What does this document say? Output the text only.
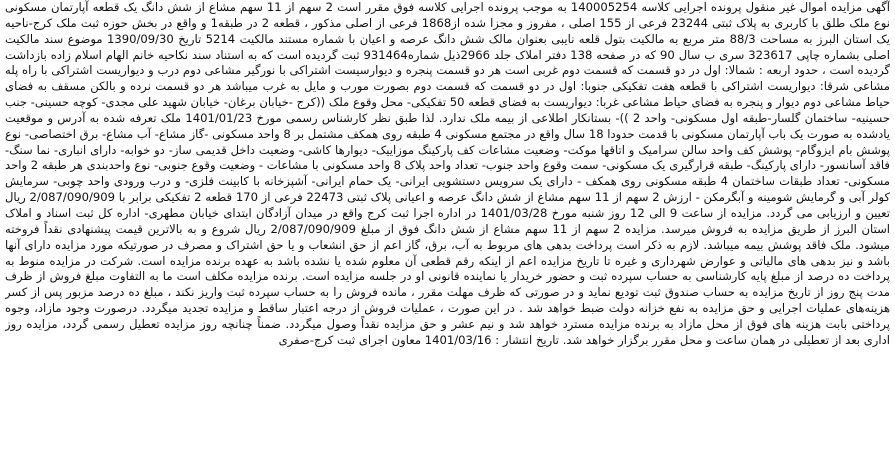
آگهی مزایده اموال غیر منقول پرونده اجرایی کلاسه 140005254 به موجب پرونده اجرایی کلاسه فوق مقرر است 2 سهم از 11 سهم مشاع از شش دانگ یک قطعه آپارتمان مسکونی نوع ملک طلق با کاربری به پلاک ثبتی 23244 فرعی از 155 اصلی ، مفروز و مجزا شده از1868 فرعی از اصلی مذکور ، قطعه 2 در طبقه1 و واقع در بخش حوزه ثبت ملک کرج-ناحیه یک استان البرز به مساحت 88/3 متر مربع به مالکیت بتول قلعه نایبی بعنوان مالک شش دانگ عرصه و اعیان با شماره مستند مالکیت 5214 تاریخ 1390/09/30 موضوع سند مالکیت اصلی بشماره چاپی 323617 سری ب سال 90 که در صفحه 138 دفتر املاک جلد 2966ذیل شماره931464 ثبت گردیده است که به استناد سند نکاحیه خانم الهام اسلام زاده بازداشت گردیده است ، حدود اربعه : شمالا: اول در دو قسمت که قسمت دوم غربی است هر دو قسمت پنجره و دیوارسیست اشتراکی با نورگیر مشاعی دوم درب و دیواریست اشتراکی با راه پله مشاعی شرقا: دیواریست اشتراکی با قطعه هفت تفکیکی جنوبا: اول در دو قسمت که قسمت دوم بصورت مورب و مایل به غرب میباشد هر دو قسمت نرده و بالکن مسقف به فضای حیاط مشاعی دوم دیوار و پنجره به فضای حیاط مشاعی غربا: دیواریست به فضای قطعه 50 تفکیکی- محل وقوع ملک ((کرج -خیابان برغان- خیابان شهید علی مجدی- کوچه حسینی- جنب حسینیه- ساختمان گلسار-طبقه اول مسکونی- واحد 2 ))- بستانکار اطلاعی از بیمه ملک ندارد. لذا طبق نظر کارشناس رسمی مورخ 1401/01/23 ملک تعرفه شده به آدرس و موقعیت یادشده به صورت یک باب آپارتمان مسکونی با قدمت حدودا 18 سال واقع در مجتمع مسکونی 4 طبقه روی همکف مشتمل بر 8 واحد مسکونی -گاز مشاع- آب مشاع- برق اختصاصی- نوع پوشش بام ایزوگام- پوشش کف واحد سالن سرامیک و اتاقها موکت- وضعیت مشاعات کف پارکینگ موزاییک- دیوارها کاشی- وضعیت داخل قدیمی ساز- دو خوابه- دارای انباری- نما سنگ- فاقد آسانسور- دارای پارکینگ- طبقه قرارگیری یک مسکونی- سمت وقوع واحد جنوب- تعداد واحد پلاک 8 واحد مسکونی با مشاعات - وضعیت وقوع جنوبی- نوع واحدبندی هر طبقه 2 واحد مسکونی- تعداد طبقات ساختمان 4 طبقه مسکونی روی همکف - دارای یک سرویس دستشویی ایرانی- یک حمام ایرانی- آشپزخانه با کابینت فلزی- و درب ورودی واحد چوبی- سرمایش کولر آبی و گرمایش شومینه و آبگرمکن - ارزش 2 سهم از 11 سهم مشاع از شش دانگ عرصه و اعیانی پلاک ثبتی 22473 فرعی از 170 قطعه 2 تفکیکی برابر با 2/087/090/909 ریال تعیین و ارزیابی می گردد. مزایده از ساعت 9 الی 12 روز شنبه مورخ 1401/03/28 در اداره اجرا ثبت کرج واقع در میدان آزادگان ابتدای خیابان مطهری- اداره کل ثبت اسناد و املاک استان البرز از طریق مزایده به فروش میرسد. مزایده 2 سهم از 11 سهم مشاع از شش دانگ فوق از مبلغ 2/087/090/909 ریال شروع و به بالاترین قیمت پیشنهادی نقداً فروخته میشود. ملک فاقد پوشش بیمه میباشد. لازم به ذکر است پرداخت بدهی های مربوط به آب، برق، گاز اعم از حق انشعاب و یا حق اشتراک و مصرف در صورتیکه مورد مزایده دارای آنها باشد و نیز بدهی های مالیاتی و عوارض شهرداری و غیره تا تاریخ مزایده اعم از اینکه رقم قطعی آن معلوم شده یا نشده باشد به عهده برنده مزایده است. شرکت در مزایده منوط به پرداخت ده درصد از مبلغ پایه کارشناسی به حساب سپرده ثبت و حضور خریدار یا نماینده قانونی او در جلسه مزایده است. برنده مزایده مکلف است ما به التفاوت مبلغ فروش از ظرف مدت پنج روز از تاریخ مزایده به حساب صندوق ثبت تودیع نماید و در صورتی که ظرف مهلت مقرر ، مانده فروش را به حساب سپرده ثبت واریز نکند ، مبلغ ده درصد مزبور پس از کسر هزینه‌های عملیات اجرایی و حق مزایده به نفع خزانه دولت ضبط خواهد شد . در این صورت ، عملیات فروش از درجه اعتبار ساقط و مزایده تجدید میگردد. درصورت وجود مازاد، وجوه پرداختی بابت هزینه های فوق از محل مازاد به برنده مزایده مسترد خواهد شد و نیم عشر و حق مزایده نقداً وصول میگردد. ضمناً چنانچه روز مزایده تعطیل رسمی گردد، مزایده روز اداری بعد از تعطیلی در همان ساعت و محل مقرر برگزار خواهد شد. تاریخ انتشار : 1401/03/16 معاون اجرای ثبت کرج-صفری
